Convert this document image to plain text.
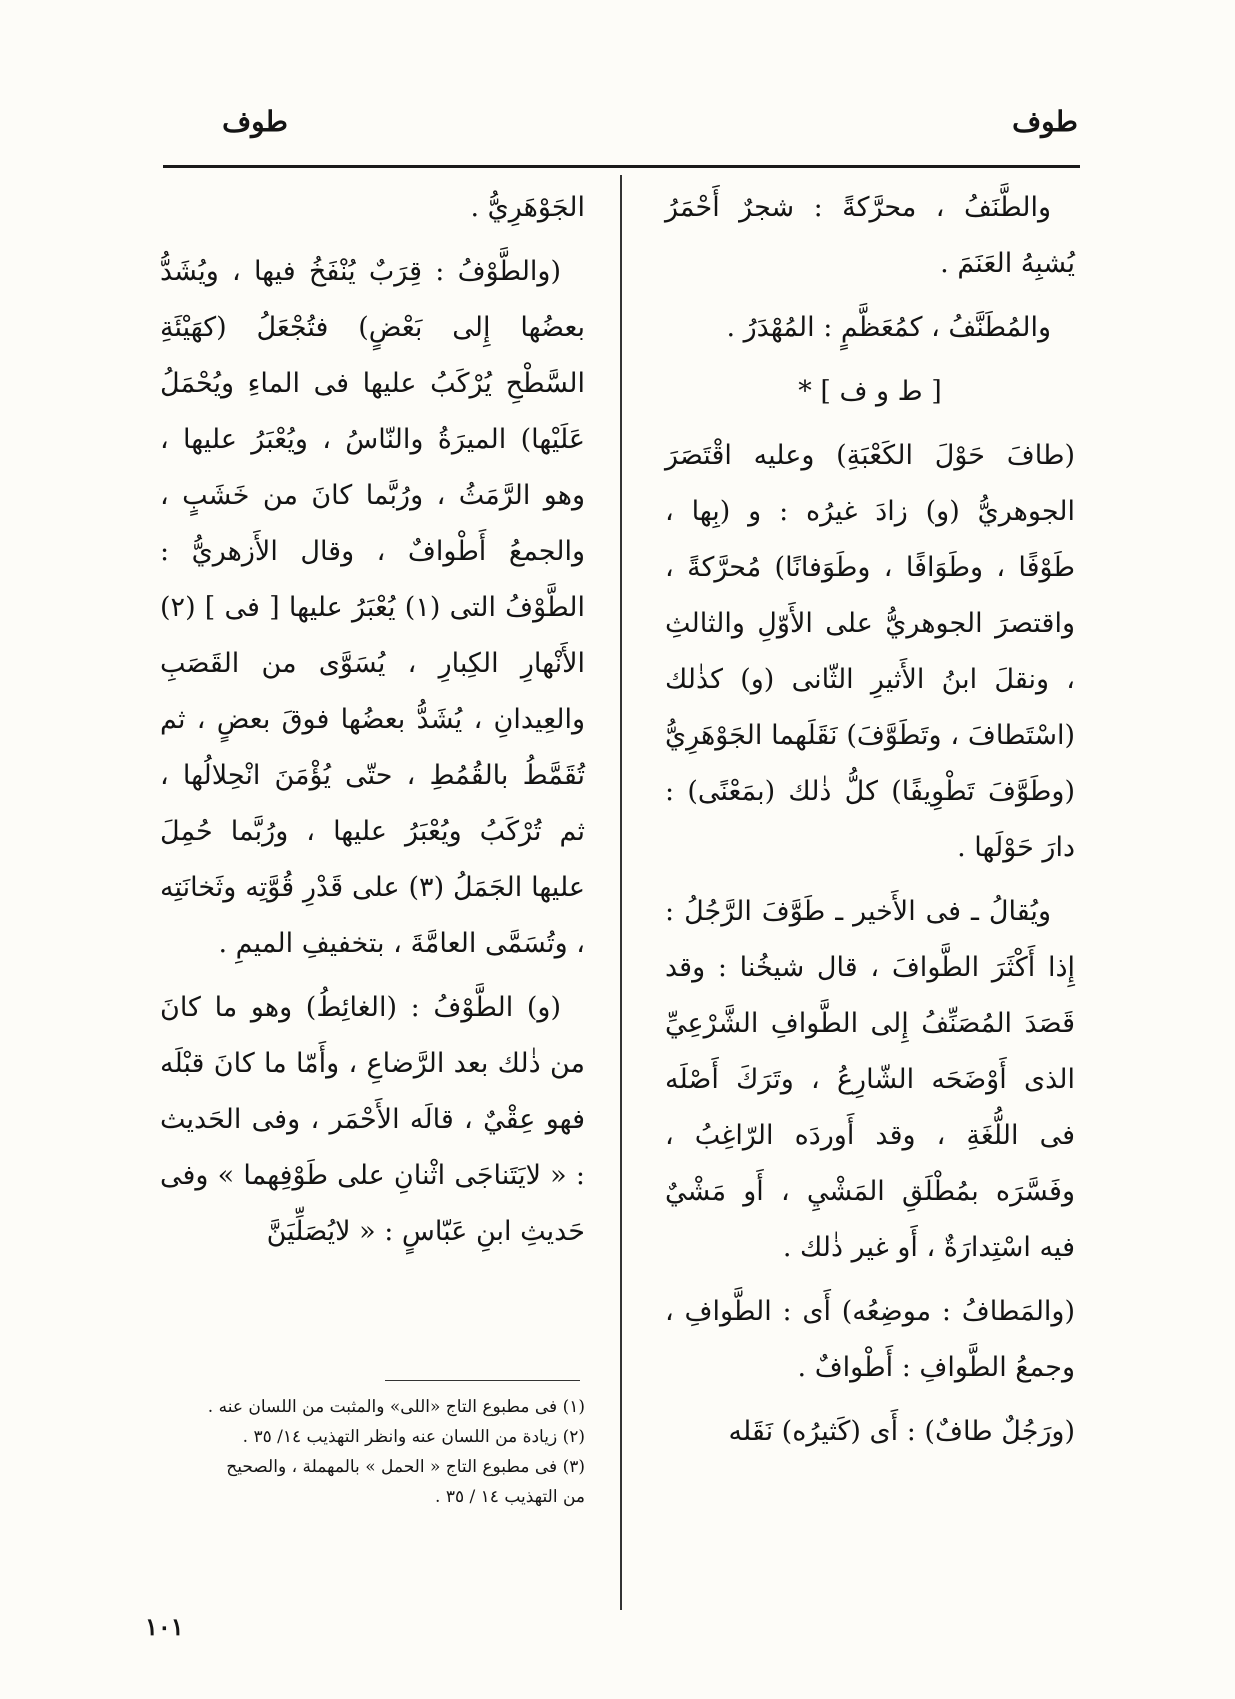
طوف
طوف

والطَّنَفُ ، محرَّكةً : شجرٌ أَحْمَرُ يُشبِهُ العَنَمَ .

والمُطَنَّفُ ، كمُعَظَّمٍ : المُهْدَرُ .

[ ط و ف ] *

(طافَ حَوْلَ الكَعْبَةِ) وعليه اقْتَصَرَ الجوهريُّ (و) زادَ غيرُه : و (بِها ، طَوْفًا ، وطَوَافًا ، وطَوَفانًا) مُحرَّكةً ، واقتصرَ الجوهريُّ على الأَوّلِ والثالثِ ، ونقلَ ابنُ الأَثيرِ الثّانى (و) كذٰلك (اسْتَطافَ ، وتَطَوَّفَ) نَقَلَهما الجَوْهَرِيُّ (وطَوَّفَ تَطْوِيفًا) كلُّ ذٰلك (بمَعْنًى) : دارَ حَوْلَها .

ويُقالُ ـ فى الأَخير ـ طَوَّفَ الرَّجُلُ : إِذا أَكْثَرَ الطَّوافَ ، قال شيخُنا : وقد قَصَدَ المُصَنِّفُ إِلى الطَّوافِ الشَّرْعِيِّ الذى أَوْضَحَه الشّارِعُ ، وتَرَكَ أَصْلَه فى اللُّغَةِ ، وقد أَوردَه الرّاغِبُ ، وفَسَّرَه بمُطْلَقِ المَشْيِ ، أَو مَشْيٌ فيه اسْتِدارَةٌ ، أَو غير ذٰلك .

(والمَطافُ : موضِعُه) أَى : الطَّوافِ ، وجمعُ الطَّوافِ : أَطْوافٌ .

(ورَجُلٌ طافٌ) : أَى (كَثيرُه) نَقَله

الجَوْهَرِيُّ .

(والطَّوْفُ : قِرَبٌ يُنْفَخُ فيها ، ويُشَدُّ بعضُها إِلى بَعْضٍ) فتُجْعَلُ (كهَيْئَةِ السَّطْحِ يُرْكَبُ عليها فى الماءِ ويُحْمَلُ عَلَيْها) الميرَةُ والنّاسُ ، ويُعْبَرُ عليها ، وهو الرَّمَثُ ، ورُبَّما كانَ من خَشَبٍ ، والجمعُ أَطْوافٌ ، وقال الأَزهريُّ : الطَّوْفُ التى (١) يُعْبَرُ عليها [ فى ] (٢) الأَنْهارِ الكِبارِ ، يُسَوَّى من القَصَبِ والعِيدانِ ، يُشَدُّ بعضُها فوقَ بعضٍ ، ثم تُقَمَّطُ بالقُمُطِ ، حتّى يُؤْمَنَ انْحِلالُها ، ثم تُرْكَبُ ويُعْبَرُ عليها ، ورُبَّما حُمِلَ عليها الجَمَلُ (٣) على قَدْرِ قُوَّتِه وثَخانَتِه ، وتُسَمَّى العامَّةَ ، بتخفيفِ الميمِ .

(و) الطَّوْفُ : (الغائِطُ) وهو ما كانَ من ذٰلك بعد الرَّضاعِ ، وأَمّا ما كانَ قبْلَه فهو عِقْيٌ ، قالَه الأَحْمَر ، وفى الحَديث : « لايَتَناجَى اثْنانِ على طَوْفِهما » وفى حَديثِ ابنِ عَبّاسٍ : « لايُصَلِّيَنَّ

(١) فى مطبوع التاج «اللى» والمثبت من اللسان عنه .
(٢) زيادة من اللسان عنه وانظر التهذيب ١٤/ ٣٥ .
(٣) فى مطبوع التاج « الحمل » بالمهملة ، والصحيح
من التهذيب ١٤ / ٣٥ .
١٠١
